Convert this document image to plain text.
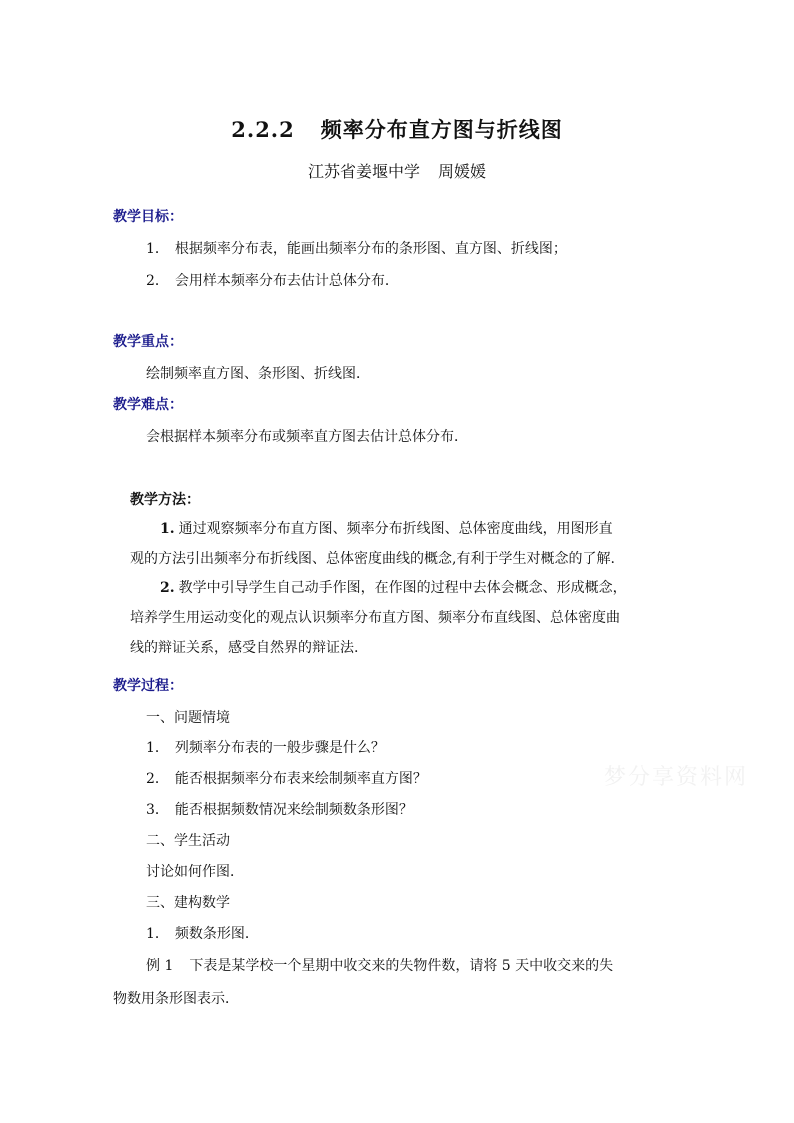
2.2.2 频率分布直方图与折线图
江苏省姜堰中学 周媛媛
教学目标：
1． 根据频率分布表，能画出频率分布的条形图、直方图、折线图；
2． 会用样本频率分布去估计总体分布．
教学重点：
绘制频率直方图、条形图、折线图．
教学难点：
会根据样本频率分布或频率直方图去估计总体分布．
教学方法：
1. 通过观察频率分布直方图、频率分布折线图、总体密度曲线，用图形直
观的方法引出频率分布折线图、总体密度曲线的概念,有利于学生对概念的了解.
2. 教学中引导学生自己动手作图，在作图的过程中去体会概念、形成概念，
培养学生用运动变化的观点认识频率分布直方图、频率分布直线图、总体密度曲
线的辩证关系，感受自然界的辩证法.
教学过程：
一、问题情境
1． 列频率分布表的一般步骤是什么？
2． 能否根据频率分布表来绘制频率直方图？
3． 能否根据频数情况来绘制频数条形图？
二、学生活动
讨论如何作图．
三、建构数学
1． 频数条形图．
例 1 下表是某学校一个星期中收交来的失物件数，请将 5 天中收交来的失
物数用条形图表示．
梦分享资料网
